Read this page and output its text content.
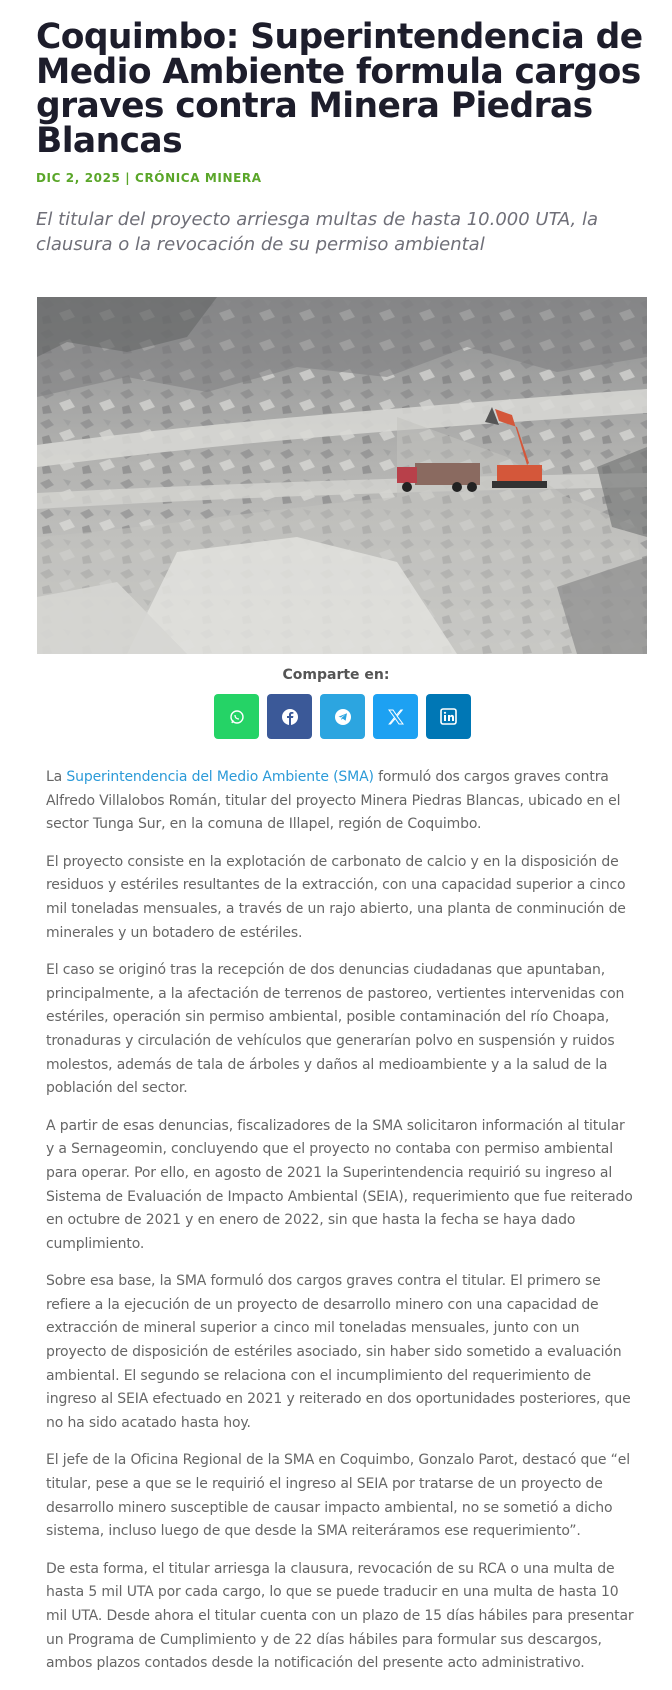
Coquimbo: Superintendencia de Medio Ambiente formula cargos graves contra Minera Piedras Blancas
DIC 2, 2025 | CRÓNICA MINERA
El titular del proyecto arriesga multas de hasta 10.000 UTA, la clausura o la revocación de su permiso ambiental
Comparte en:

La Superintendencia del Medio Ambiente (SMA) formuló dos cargos graves contra Alfredo Villalobos Román, titular del proyecto Minera Piedras Blancas, ubicado en el sector Tunga Sur, en la comuna de Illapel, región de Coquimbo.

El proyecto consiste en la explotación de carbonato de calcio y en la disposición de residuos y estériles resultantes de la extracción, con una capacidad superior a cinco mil toneladas mensuales, a través de un rajo abierto, una planta de conminución de minerales y un botadero de estériles.

El caso se originó tras la recepción de dos denuncias ciudadanas que apuntaban, principalmente, a la afectación de terrenos de pastoreo, vertientes intervenidas con estériles, operación sin permiso ambiental, posible contaminación del río Choapa, tronaduras y circulación de vehículos que generarían polvo en suspensión y ruidos molestos, además de tala de árboles y daños al medioambiente y a la salud de la población del sector.

A partir de esas denuncias, fiscalizadores de la SMA solicitaron información al titular y a Sernageomin, concluyendo que el proyecto no contaba con permiso ambiental para operar. Por ello, en agosto de 2021 la Superintendencia requirió su ingreso al Sistema de Evaluación de Impacto Ambiental (SEIA), requerimiento que fue reiterado en octubre de 2021 y en enero de 2022, sin que hasta la fecha se haya dado cumplimiento.

Sobre esa base, la SMA formuló dos cargos graves contra el titular. El primero se refiere a la ejecución de un proyecto de desarrollo minero con una capacidad de extracción de mineral superior a cinco mil toneladas mensuales, junto con un proyecto de disposición de estériles asociado, sin haber sido sometido a evaluación ambiental. El segundo se relaciona con el incumplimiento del requerimiento de ingreso al SEIA efectuado en 2021 y reiterado en dos oportunidades posteriores, que no ha sido acatado hasta hoy.

El jefe de la Oficina Regional de la SMA en Coquimbo, Gonzalo Parot, destacó que “el titular, pese a que se le requirió el ingreso al SEIA por tratarse de un proyecto de desarrollo minero susceptible de causar impacto ambiental, no se sometió a dicho sistema, incluso luego de que desde la SMA reiteráramos ese requerimiento”.

De esta forma, el titular arriesga la clausura, revocación de su RCA o una multa de hasta 5 mil UTA por cada cargo, lo que se puede traducir en una multa de hasta 10 mil UTA. Desde ahora el titular cuenta con un plazo de 15 días hábiles para presentar un Programa de Cumplimiento y de 22 días hábiles para formular sus descargos, ambos plazos contados desde la notificación del presente acto administrativo.
